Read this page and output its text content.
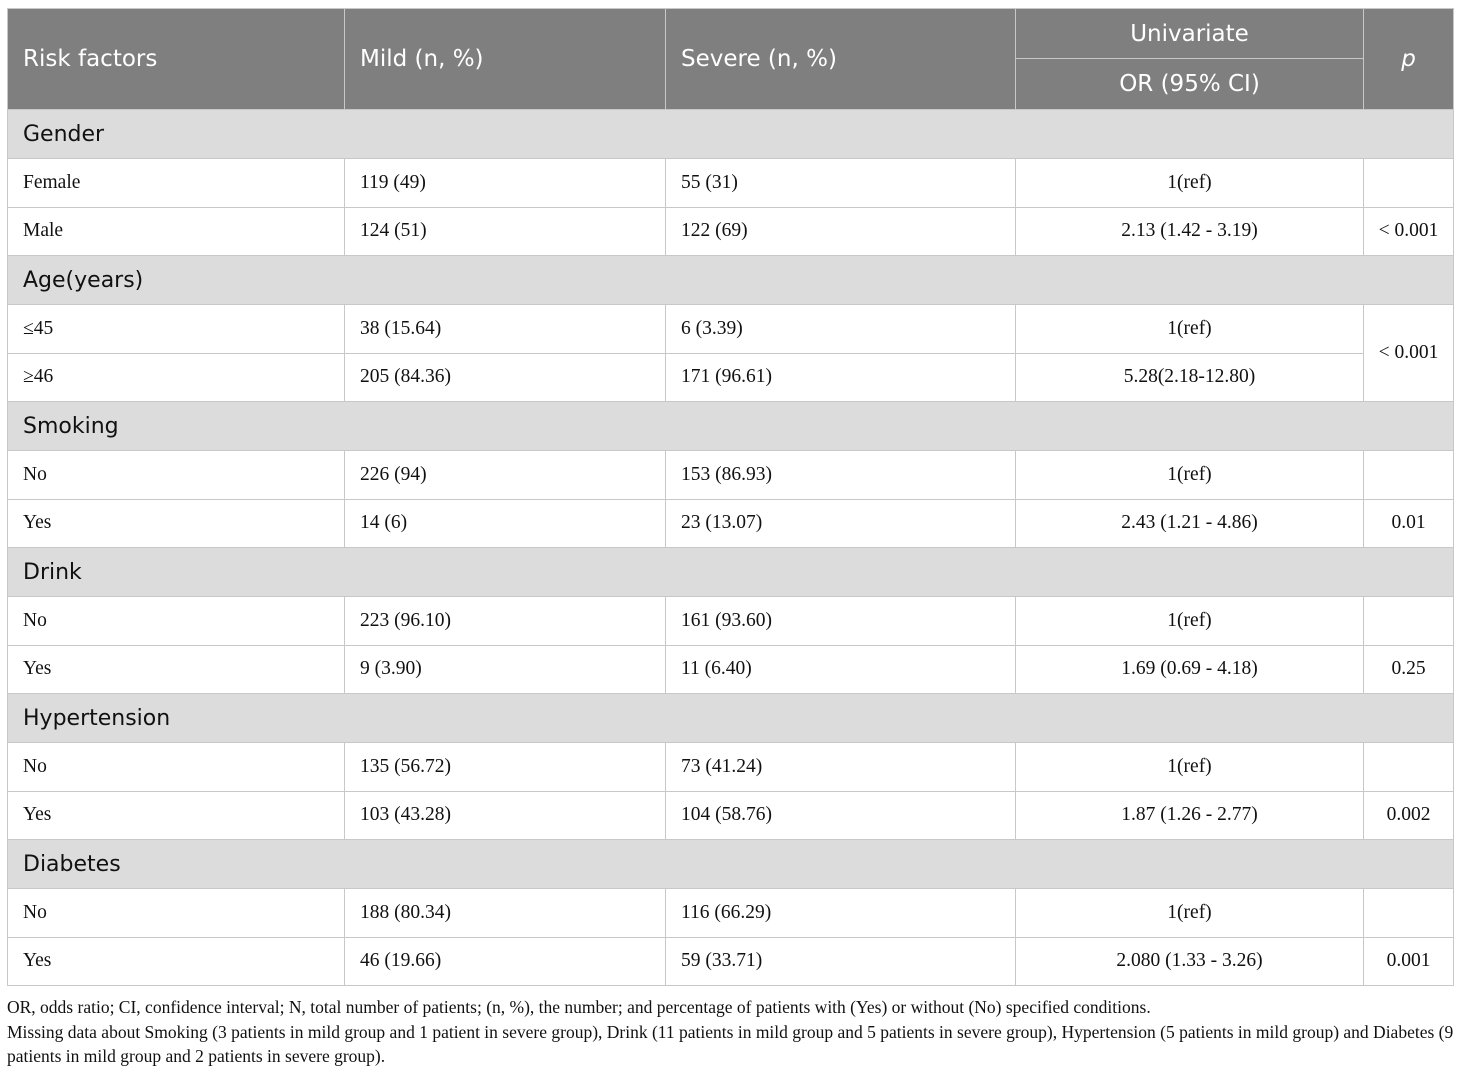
Risk factors	Mild (n, %)	Severe (n, %)	Univariate	p
			OR (95% CI)	
Gender				
Female	119 (49)	55 (31)	1(ref)	
Male	124 (51)	122 (69)	2.13 (1.42 - 3.19)	< 0.001
Age(years)				
≤45	38 (15.64)	6 (3.39)	1(ref)	< 0.001
≥46	205 (84.36)	171 (96.61)	5.28(2.18-12.80)	
Smoking				
No	226 (94)	153 (86.93)	1(ref)	
Yes	14 (6)	23 (13.07)	2.43 (1.21 - 4.86)	0.01
Drink				
No	223 (96.10)	161 (93.60)	1(ref)	
Yes	9 (3.90)	11 (6.40)	1.69 (0.69 - 4.18)	0.25
Hypertension				
No	135 (56.72)	73 (41.24)	1(ref)	
Yes	103 (43.28)	104 (58.76)	1.87 (1.26 - 2.77)	0.002
Diabetes				
No	188 (80.34)	116 (66.29)	1(ref)	
Yes	46 (19.66)	59 (33.71)	2.080 (1.33 - 3.26)	0.001
OR, odds ratio; CI, confidence interval; N, total number of patients; (n, %), the number; and percentage of patients with (Yes) or without (No) specified conditions.
Missing data about Smoking (3 patients in mild group and 1 patient in severe group), Drink (11 patients in mild group and 5 patients in severe group), Hypertension (5 patients in mild group) and Diabetes (9 patients in mild group and 2 patients in severe group).
